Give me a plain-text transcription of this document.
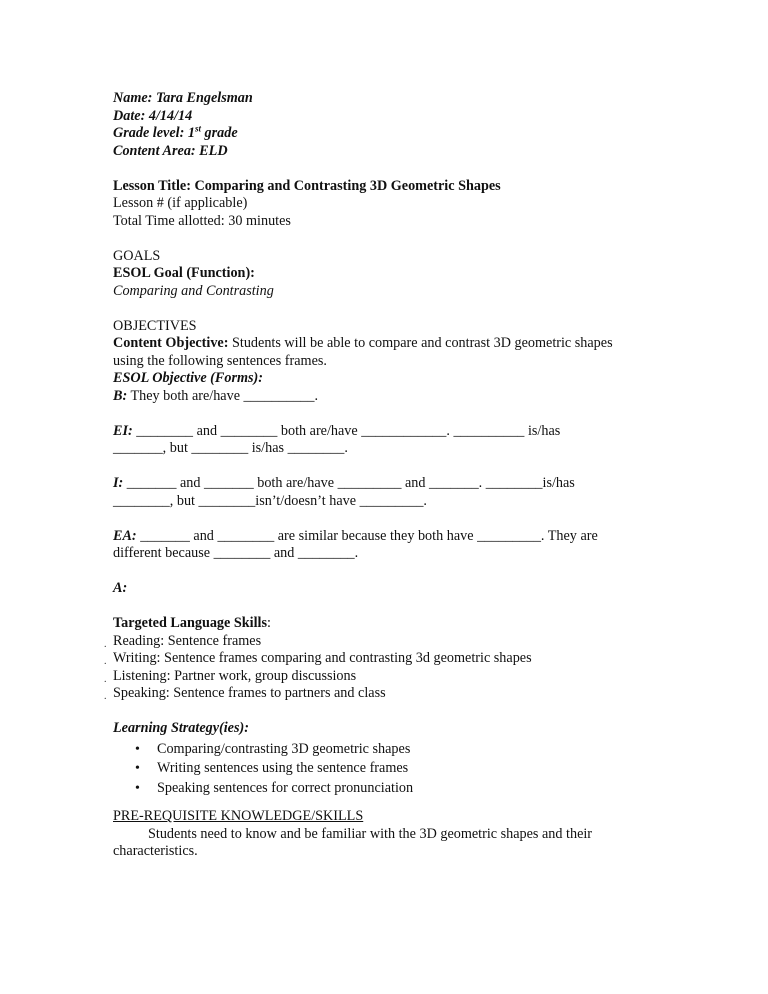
Name: Tara Engelsman
Date: 4/14/14
Grade level: 1st grade
Content Area: ELD
Lesson Title: Comparing and Contrasting 3D Geometric Shapes
Lesson # (if applicable)
Total Time allotted: 30 minutes
GOALS
ESOL Goal (Function):
Comparing and Contrasting
OBJECTIVES
Content Objective: Students will be able to compare and contrast 3D geometric shapes
using the following sentences frames.
ESOL Objective (Forms):
B: They both are/have __________.
EI: ________ and ________ both are/have ____________. __________ is/has
_______, but ________ is/has ________.
I: _______ and _______ both are/have _________ and _______. ________is/has
________, but ________isn’t/doesn’t have _________.
EA: _______ and ________ are similar because they both have _________. They are
different because ________ and ________.
A:
Targeted Language Skills:
. Reading: Sentence frames
. Writing: Sentence frames comparing and contrasting 3d geometric shapes
. Listening: Partner work, group discussions
. Speaking: Sentence frames to partners and class
Learning Strategy(ies):
• Comparing/contrasting 3D geometric shapes
• Writing sentences using the sentence frames
• Speaking sentences for correct pronunciation
PRE-REQUISITE KNOWLEDGE/SKILLS

Students need to know and be familiar with the 3D geometric shapes and their characteristics.
